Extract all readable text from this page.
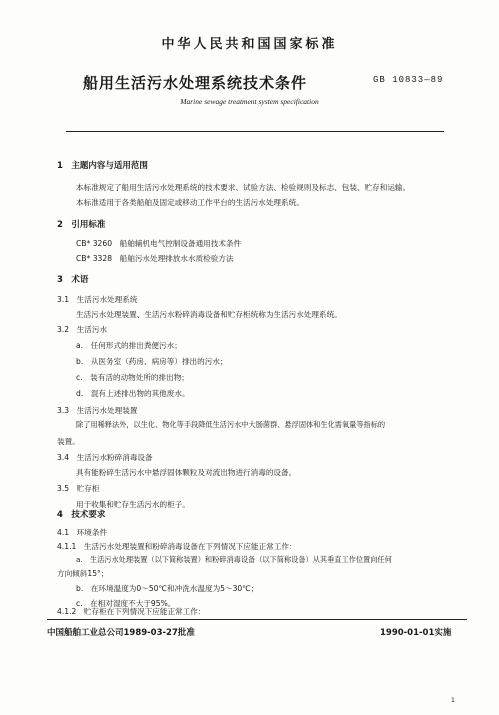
中华人民共和国国家标准
船用生活污水处理系统技术条件	GB 10833—89
Marine sewage treatment system specification
1　主题内容与适用范围
本标准规定了船用生活污水处理系统的技术要求、试验方法、检验规则及标志、包装、贮存和运输。
本标准适用于各类船舶及固定或移动工作平台的生活污水处理系统。
2　引用标准
CB* 3260　船舶辅机电气控制设备通用技术条件
CB* 3328　船舶污水处理排放水水质检验方法
3　术语
3.1　生活污水处理系统
生活污水处理装置、生活污水粉碎消毒设备和贮存柜统称为生活污水处理系统。
3.2　生活污水
a.　任何形式的排出粪便污水；
b.　从医务室（药房、病房等）排出的污水；
c.　装有活的动物处所的排出物；
d.　混有上述排出物的其他废水。
3.3　生活污水处理装置
除了用稀释法外，以生化、物化等手段降低生活污水中大肠菌群、悬浮固体和生化需氧量等指标的
装置。
3.4　生活污水粉碎消毒设备
具有能粉碎生活污水中悬浮固体颗粒及对流出物进行消毒的设备。
3.5　贮存柜
用于收集和贮存生活污水的柜子。
4　技术要求
4.1　环境条件
4.1.1　生活污水处理装置和粉碎消毒设备在下列情况下应能正常工作：
a.　生活污水处理装置（以下简称装置）和粉碎消毒设备（以下简称设备）从其垂直工作位置向任何
方向倾斜15°；
b.　在环境温度为0～50℃和冲洗水温度为5～30℃；
c.　在相对湿度不大于95%。
中国船舶工业总公司1989-03-27批准	1990-01-01实施
1
4.1.2　贮存柜在下列情况下应能正常工作：
